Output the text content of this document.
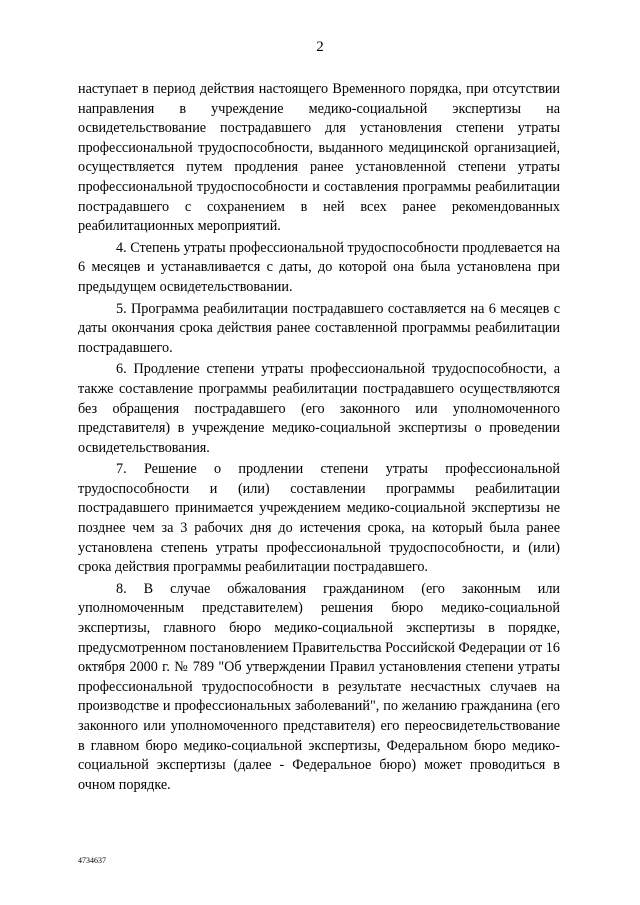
2

наступает в период действия настоящего Временного порядка, при отсутствии направления в учреждение медико-социальной экспертизы на освидетельствование пострадавшего для установления степени утраты профессиональной трудоспособности, выданного медицинской организацией, осуществляется путем продления ранее установленной степени утраты профессиональной трудоспособности и составления программы реабилитации пострадавшего с сохранением в ней всех ранее рекомендованных реабилитационных мероприятий.

4. Степень утраты профессиональной трудоспособности продлевается на 6 месяцев и устанавливается с даты, до которой она была установлена при предыдущем освидетельствовании.

5. Программа реабилитации пострадавшего составляется на 6 месяцев с даты окончания срока действия ранее составленной программы реабилитации пострадавшего.

6. Продление степени утраты профессиональной трудоспособности, а также составление программы реабилитации пострадавшего осуществляются без обращения пострадавшего (его законного или уполномоченного представителя) в учреждение медико-социальной экспертизы о проведении освидетельствования.

7. Решение о продлении степени утраты профессиональной трудоспособности и (или) составлении программы реабилитации пострадавшего принимается учреждением медико-социальной экспертизы не позднее чем за 3 рабочих дня до истечения срока, на который была ранее установлена степень утраты профессиональной трудоспособности, и (или) срока действия программы реабилитации пострадавшего.

8. В случае обжалования гражданином (его законным или уполномоченным представителем) решения бюро медико-социальной экспертизы, главного бюро медико-социальной экспертизы в порядке, предусмотренном постановлением Правительства Российской Федерации от 16 октября 2000 г. № 789 "Об утверждении Правил установления степени утраты профессиональной трудоспособности в результате несчастных случаев на производстве и профессиональных заболеваний", по желанию гражданина (его законного или уполномоченного представителя) его переосвидетельствование в главном бюро медико-социальной экспертизы, Федеральном бюро медико-социальной экспертизы (далее - Федеральное бюро) может проводиться в очном порядке.

4734637
